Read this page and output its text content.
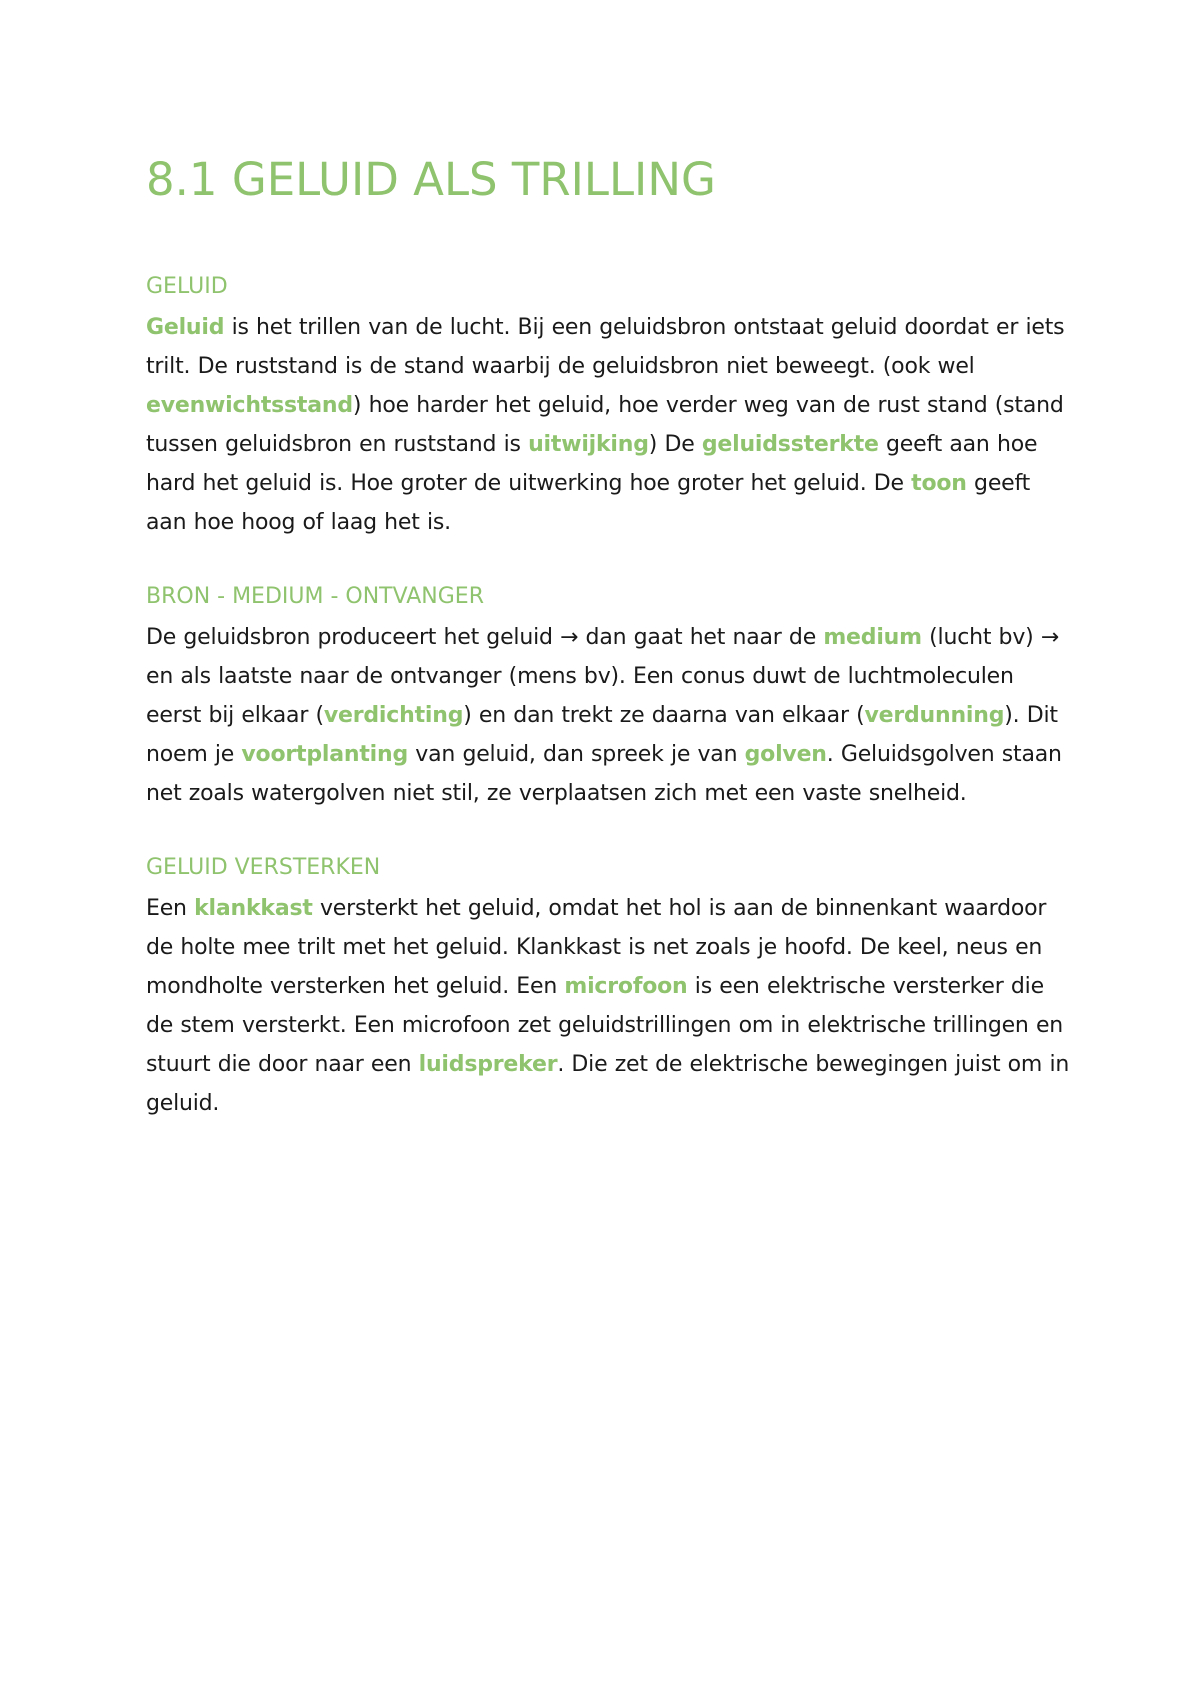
8.1 GELUID ALS TRILLING
GELUID

Geluid is het trillen van de lucht. Bij een geluidsbron ontstaat geluid doordat er iets trilt. De ruststand is de stand waarbij de geluidsbron niet beweegt. (ook wel evenwichtsstand) hoe harder het geluid, hoe verder weg van de rust stand (stand tussen geluidsbron en ruststand is uitwijking) De geluidssterkte geeft aan hoe hard het geluid is. Hoe groter de uitwerking hoe groter het geluid. De toon geeft aan hoe hoog of laag het is.

BRON - MEDIUM - ONTVANGER

De geluidsbron produceert het geluid → dan gaat het naar de medium (lucht bv) → en als laatste naar de ontvanger (mens bv). Een conus duwt de luchtmoleculen eerst bij elkaar (verdichting) en dan trekt ze daarna van elkaar (verdunning). Dit noem je voortplanting van geluid, dan spreek je van golven. Geluidsgolven staan net zoals watergolven niet stil, ze verplaatsen zich met een vaste snelheid.

GELUID VERSTERKEN

Een klankkast versterkt het geluid, omdat het hol is aan de binnenkant waardoor de holte mee trilt met het geluid. Klankkast is net zoals je hoofd. De keel, neus en mondholte versterken het geluid. Een microfoon is een elektrische versterker die de stem versterkt. Een microfoon zet geluidstrillingen om in elektrische trillingen en stuurt die door naar een luidspreker. Die zet de elektrische bewegingen juist om in geluid.
